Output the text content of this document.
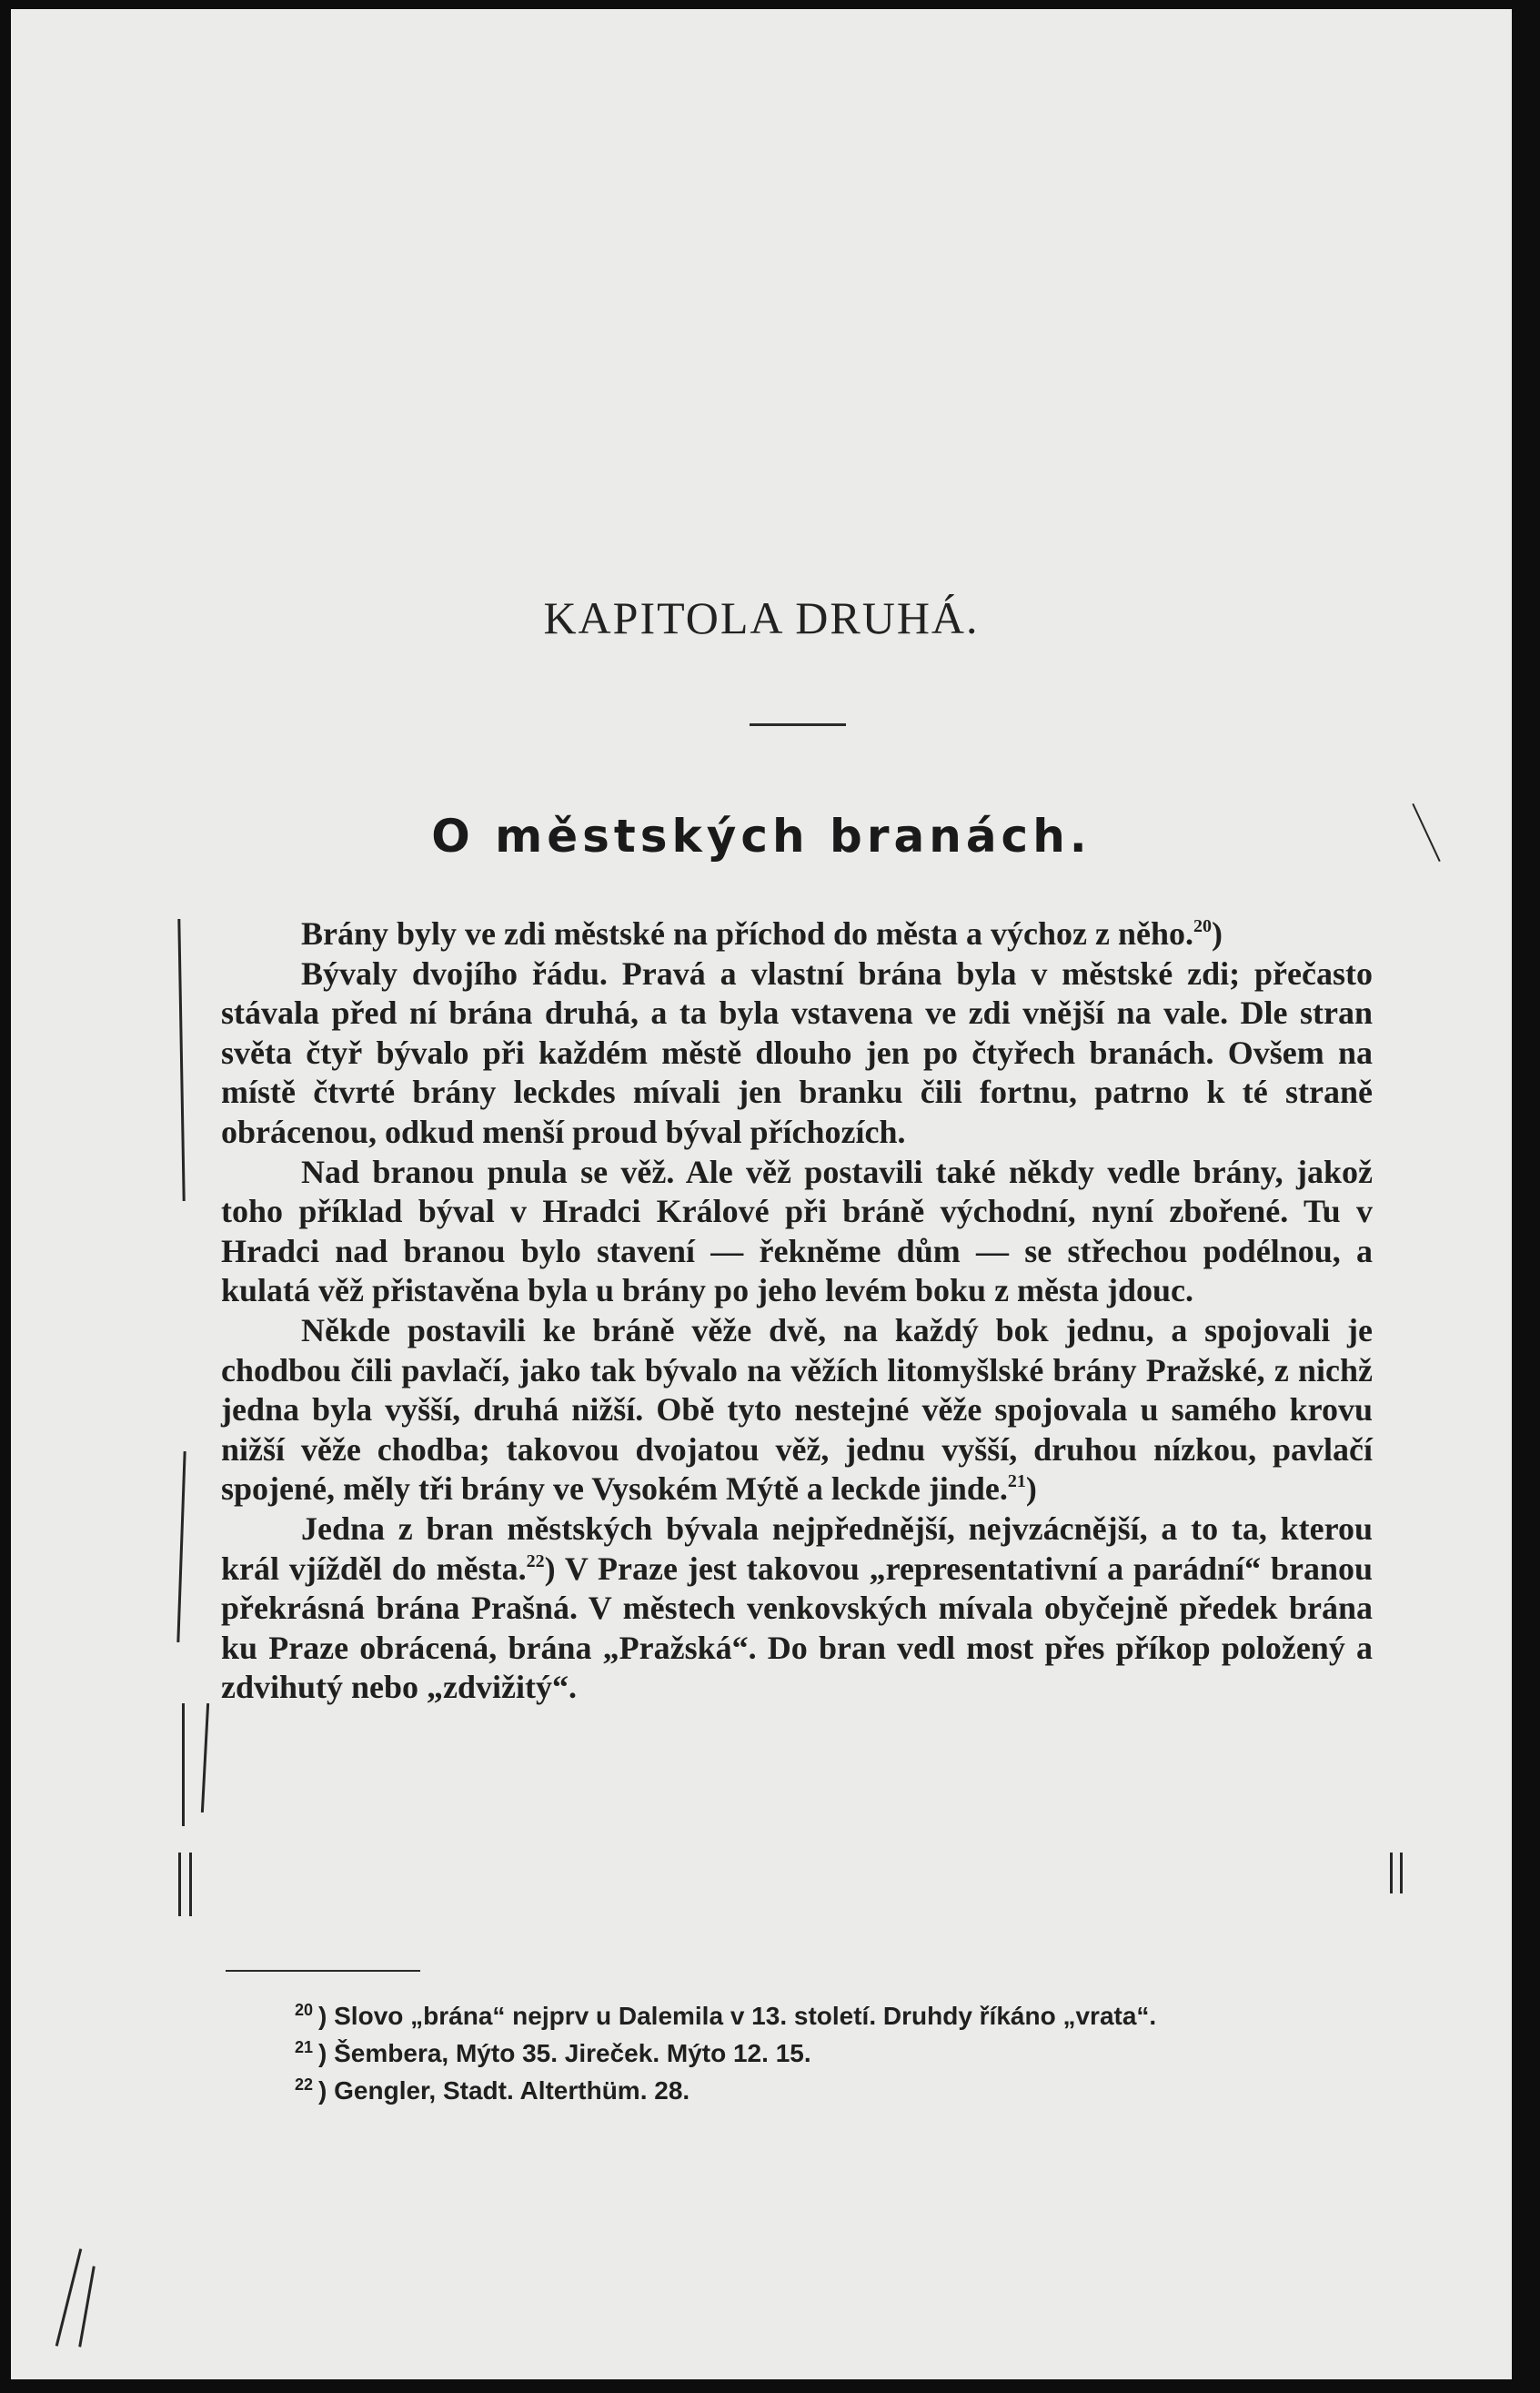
KAPITOLA DRUHÁ.
O městských branách.

Brány byly ve zdi městské na příchod do města a výchoz z něho.$^{20}$)

Bývaly dvojího řádu. Pravá a vlastní brána byla v městské zdi; přečasto stávala před ní brána druhá, a ta byla vstavena ve zdi vnější na vale. Dle stran světa čtyř bývalo při každém městě dlouho jen po čtyřech branách. Ovšem na místě čtvrté brány leckdes mívali jen branku čili fortnu, patrno k té straně obrácenou, odkud menší proud býval příchozích.

Nad branou pnula se věž. Ale věž postavili také někdy vedle brány, jakož toho příklad býval v Hradci Králové při bráně východní, nyní zbořené. Tu v Hradci nad branou bylo stavení — řekněme dům — se střechou podélnou, a kulatá věž přistavěna byla u brány po jeho levém boku z města jdouc.

Někde postavili ke bráně věže dvě, na každý bok jednu, a spojovali je chodbou čili pavlačí, jako tak bývalo na věžích litomyšlské brány Pražské, z nichž jedna byla vyšší, druhá nižší. Obě tyto nestejné věže spojovala u samého krovu nižší věže chodba; takovou dvojatou věž, jednu vyšší, druhou nízkou, pavlačí spojené, měly tři brány ve Vysokém Mýtě a leckde jinde.$^{21}$)

Jedna z bran městských bývala nejpřednější, nejvzácnější, a to ta, kterou král vjížděl do města.$^{22}$) V Praze jest takovou „representativní a parádní“ branou překrásná brána Prašná. V městech venkovských mívala obyčejně předek brána ku Praze obrácená, brána „Pražská“. Do bran vedl most přes příkop položený a zdvihutý nebo „zdvižitý“.

$^{20}$ ) Slovo „brána“ nejprv u Dalemila v 13. století. Druhdy říkáno „vrata“.
$^{21}$ ) Šembera, Mýto 35. Jireček. Mýto 12. 15.
$^{22}$ ) Gengler, Stadt. Alterthüm. 28.
